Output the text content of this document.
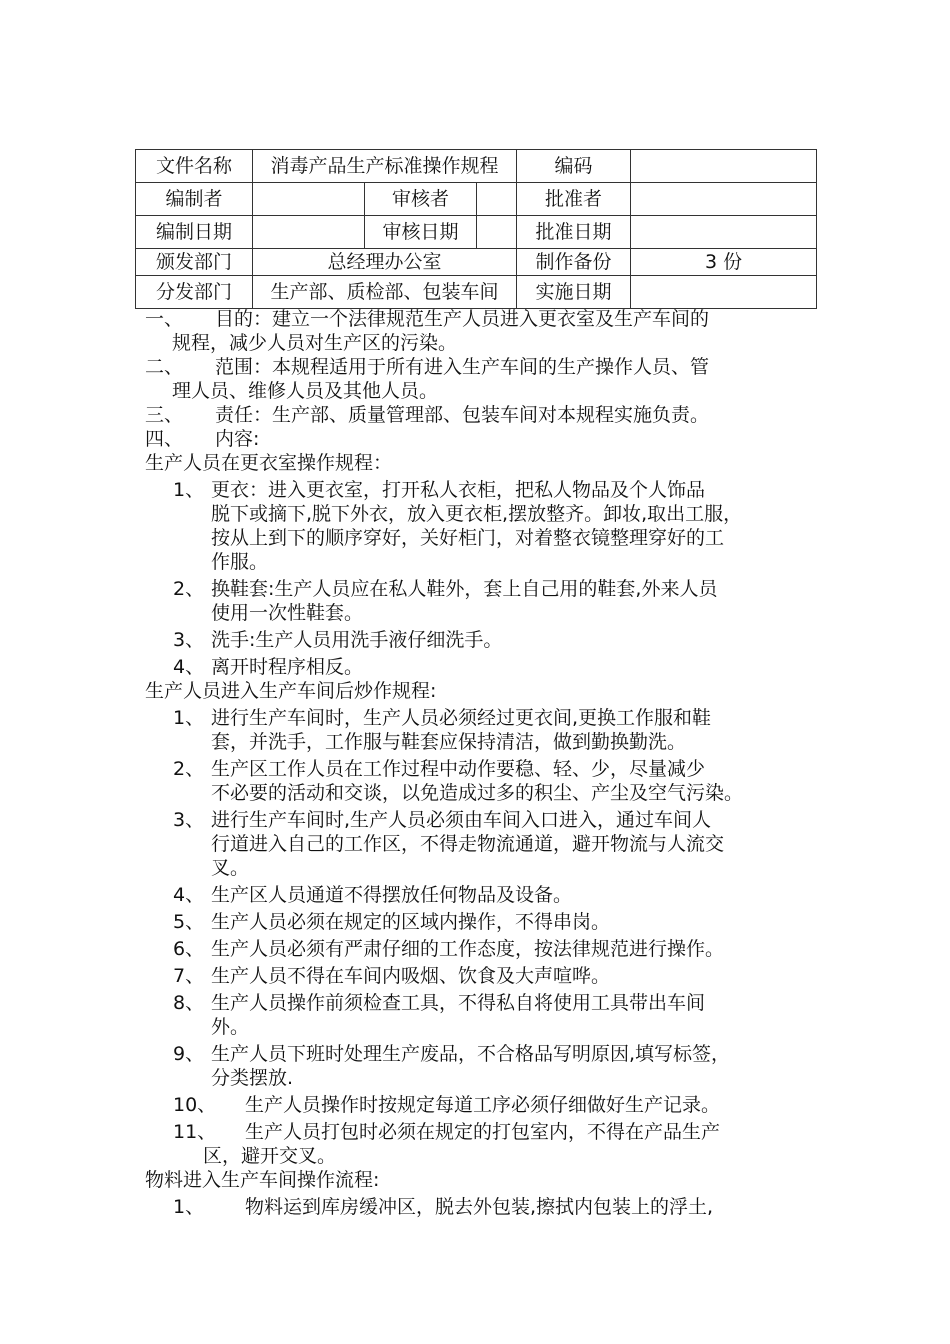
文件名称	消毒产品生产标准操作规程			编码	
编制者		审核者		批准者	
编制日期		审核日期		批准日期	
颁发部门	总经理办公室			制作备份	3 份
分发部门	生产部、质检部、包装车间			实施日期	
一、	目的：建立一个法律规范生产人员进入更衣室及生产车间的
规程，减少人员对生产区的污染。
二、	范围：本规程适用于所有进入生产车间的生产操作人员、管
理人员、维修人员及其他人员。
三、	责任：生产部、质量管理部、包装车间对本规程实施负责。
四、	内容:
生产人员在更衣室操作规程：
1、 更衣：进入更衣室，打开私人衣柜，把私人物品及个人饰品
脱下或摘下,脱下外衣，放入更衣柜,摆放整齐。卸妆,取出工服，
按从上到下的顺序穿好，关好柜门，对着整衣镜整理穿好的工
作服。
2、 换鞋套:生产人员应在私人鞋外，套上自己用的鞋套,外来人员
使用一次性鞋套。
3、 洗手:生产人员用洗手液仔细洗手。
4、 离开时程序相反。
生产人员进入生产车间后炒作规程:
1、 进行生产车间时，生产人员必须经过更衣间,更换工作服和鞋
套，并洗手，工作服与鞋套应保持清洁，做到勤换勤洗。
2、 生产区工作人员在工作过程中动作要稳、轻、少，尽量减少
不必要的活动和交谈，以免造成过多的积尘、产尘及空气污染。
3、 进行生产车间时,生产人员必须由车间入口进入，通过车间人
行道进入自己的工作区，不得走物流通道，避开物流与人流交
叉。
4、 生产区人员通道不得摆放任何物品及设备。
5、 生产人员必须在规定的区域内操作，不得串岗。
6、 生产人员必须有严肃仔细的工作态度，按法律规范进行操作。
7、 生产人员不得在车间内吸烟、饮食及大声喧哗。
8、 生产人员操作前须检查工具，不得私自将使用工具带出车间
外。
9、 生产人员下班时处理生产废品，不合格品写明原因,填写标签，
分类摆放.
10、	生产人员操作时按规定每道工序必须仔细做好生产记录。
11、	生产人员打包时必须在规定的打包室内，不得在产品生产
区，避开交叉。
物料进入生产车间操作流程:
1、	物料运到库房缓冲区，脱去外包装,擦拭内包装上的浮土,
